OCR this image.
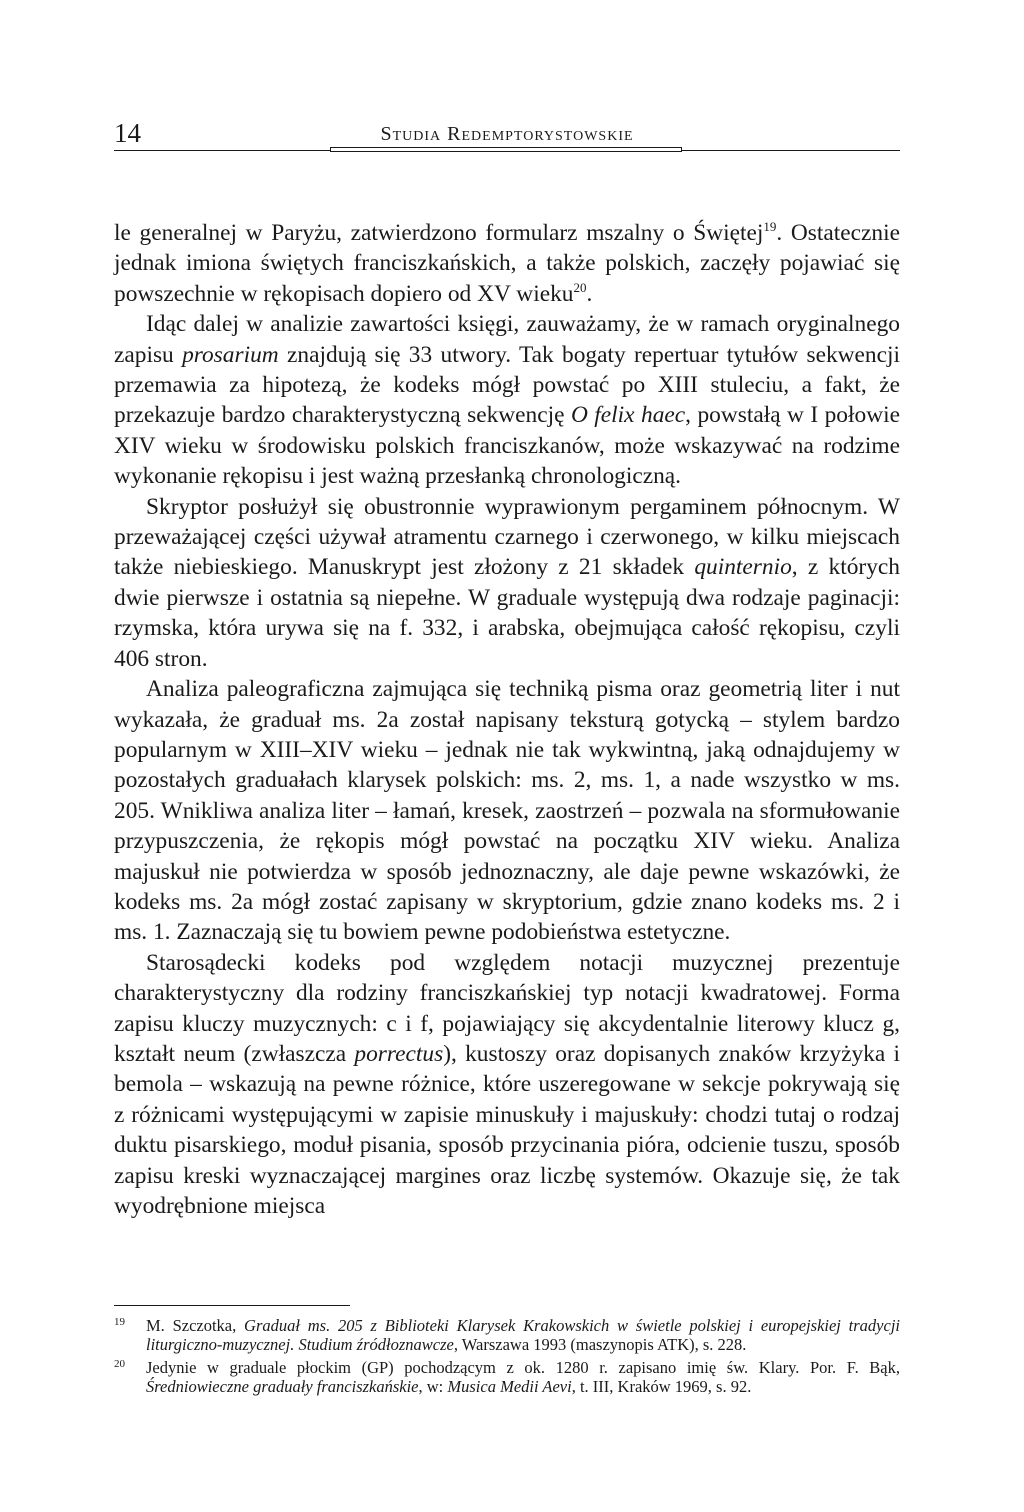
14	Studia Redemptorystowskie

le generalnej w Paryżu, zatwierdzono formularz mszalny o Świętej$^{19}$. Ostatecznie jednak imiona świętych franciszkańskich, a także polskich, zaczęły pojawiać się powszechnie w rękopisach dopiero od XV wieku$^{20}$.

Idąc dalej w analizie zawartości księgi, zauważamy, że w ramach oryginalnego zapisu prosarium znajdują się 33 utwory. Tak bogaty repertuar tytułów sekwencji przemawia za hipotezą, że kodeks mógł powstać po XIII stuleciu, a fakt, że przekazuje bardzo charakterystyczną sekwencję O felix haec, powstałą w I połowie XIV wieku w środowisku polskich franciszkanów, może wskazywać na rodzime wykonanie rękopisu i jest ważną przesłanką chronologiczną.

Skryptor posłużył się obustronnie wyprawionym pergaminem północnym. W przeważającej części używał atramentu czarnego i czerwonego, w kilku miejscach także niebieskiego. Manuskrypt jest złożony z 21 składek quinternio, z których dwie pierwsze i ostatnia są niepełne. W graduale występują dwa rodzaje paginacji: rzymska, która urywa się na f. 332, i arabska, obejmująca całość rękopisu, czyli 406 stron.

Analiza paleograficzna zajmująca się techniką pisma oraz geometrią liter i nut wykazała, że graduał ms. 2a został napisany teksturą gotycką – stylem bardzo popularnym w XIII–XIV wieku – jednak nie tak wykwintną, jaką odnajdujemy w pozostałych graduałach klarysek polskich: ms. 2, ms. 1, a nade wszystko w ms. 205. Wnikliwa analiza liter – łamań, kresek, zaostrzeń – pozwala na sformułowanie przypuszczenia, że rękopis mógł powstać na początku XIV wieku. Analiza majuskuł nie potwierdza w sposób jednoznaczny, ale daje pewne wskazówki, że kodeks ms. 2a mógł zostać zapisany w skryptorium, gdzie znano kodeks ms. 2 i ms. 1. Zaznaczają się tu bowiem pewne podobieństwa estetyczne.

Starosądecki kodeks pod względem notacji muzycznej prezentuje charakterystyczny dla rodziny franciszkańskiej typ notacji kwadratowej. Forma zapisu kluczy muzycznych: c i f, pojawiający się akcydentalnie literowy klucz g, kształt neum (zwłaszcza porrectus), kustoszy oraz dopisanych znaków krzyżyka i bemola – wskazują na pewne różnice, które uszeregowane w sekcje pokrywają się z różnicami występującymi w zapisie minuskuły i majuskuły: chodzi tutaj o rodzaj duktu pisarskiego, moduł pisania, sposób przycinania pióra, odcienie tuszu, sposób zapisu kreski wyznaczającej margines oraz liczbę systemów. Okazuje się, że tak wyodrębnione miejsca

19 M. Szczotka, Graduał ms. 205 z Biblioteki Klarysek Krakowskich w świetle polskiej i europejskiej tradycji liturgiczno-muzycznej. Studium źródłoznawcze, Warszawa 1993 (maszynopis ATK), s. 228.

20 Jedynie w graduale płockim (GP) pochodzącym z ok. 1280 r. zapisano imię św. Klary. Por. F. Bąk, Średniowieczne graduały franciszkańskie, w: Musica Medii Aevi, t. III, Kraków 1969, s. 92.
